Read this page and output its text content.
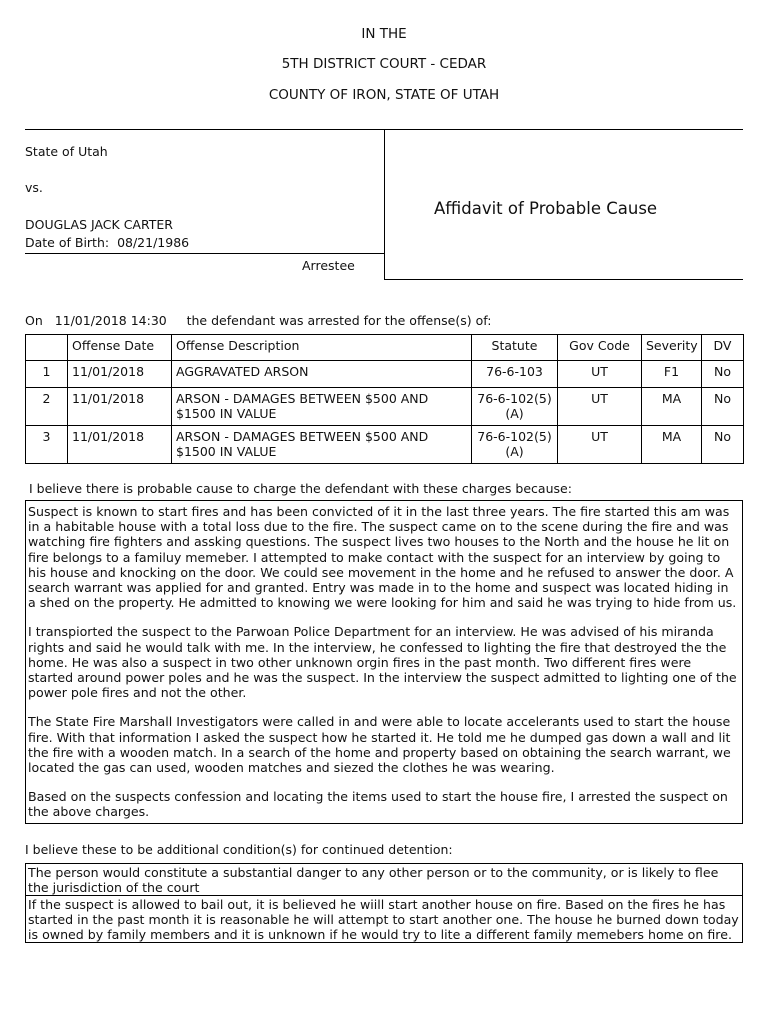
IN THE
5TH DISTRICT COURT - CEDAR
COUNTY OF IRON, STATE OF UTAH
State of Utah
vs.
DOUGLAS JACK CARTER
Date of Birth: 08/21/1986
Arrestee
Affidavit of Probable Cause
On 11/01/2018 14:30 the defendant was arrested for the offense(s) of:
	Offense Date	Offense Description	Statute	Gov Code	Severity	DV
1	11/01/2018	AGGRAVATED ARSON	76-6-103	UT	F1	No
2	11/01/2018	ARSON - DAMAGES BETWEEN $500 AND $1500 IN VALUE	76-6-102(5)(A)	UT	MA	No
3	11/01/2018	ARSON - DAMAGES BETWEEN $500 AND $1500 IN VALUE	76-6-102(5)(A)	UT	MA	No
I believe there is probable cause to charge the defendant with these charges because:

Suspect is known to start fires and has been convicted of it in the last three years. The fire started this am was in a habitable house with a total loss due to the fire. The suspect came on to the scene during the fire and was watching fire fighters and assking questions. The suspect lives two houses to the North and the house he lit on fire belongs to a familuy memeber. I attempted to make contact with the suspect for an interview by going to his house and knocking on the door. We could see movement in the home and he refused to answer the door. A search warrant was applied for and granted. Entry was made in to the home and suspect was located hiding in a shed on the property. He admitted to knowing we were looking for him and said he was trying to hide from us.

I transpiorted the suspect to the Parwoan Police Department for an interview. He was advised of his miranda rights and said he would talk with me. In the interview, he confessed to lighting the fire that destroyed the the home. He was also a suspect in two other unknown orgin fires in the past month. Two different fires were started around power poles and he was the suspect. In the interview the suspect admitted to lighting one of the power pole fires and not the other.

The State Fire Marshall Investigators were called in and were able to locate accelerants used to start the house fire. With that information I asked the suspect how he started it. He told me he dumped gas down a wall and lit the fire with a wooden match. In a search of the home and property based on obtaining the search warrant, we located the gas can used, wooden matches and siezed the clothes he was wearing.

Based on the suspects confession and locating the items used to start the house fire, I arrested the suspect on the above charges.

I believe these to be additional condition(s) for continued detention:
The person would constitute a substantial danger to any other person or to the community, or is likely to flee the jurisdiction of the court
If the suspect is allowed to bail out, it is believed he wiill start another house on fire. Based on the fires he has started in the past month it is reasonable he will attempt to start another one. The house he burned down today is owned by family members and it is unknown if he would try to lite a different family memebers home on fire.
